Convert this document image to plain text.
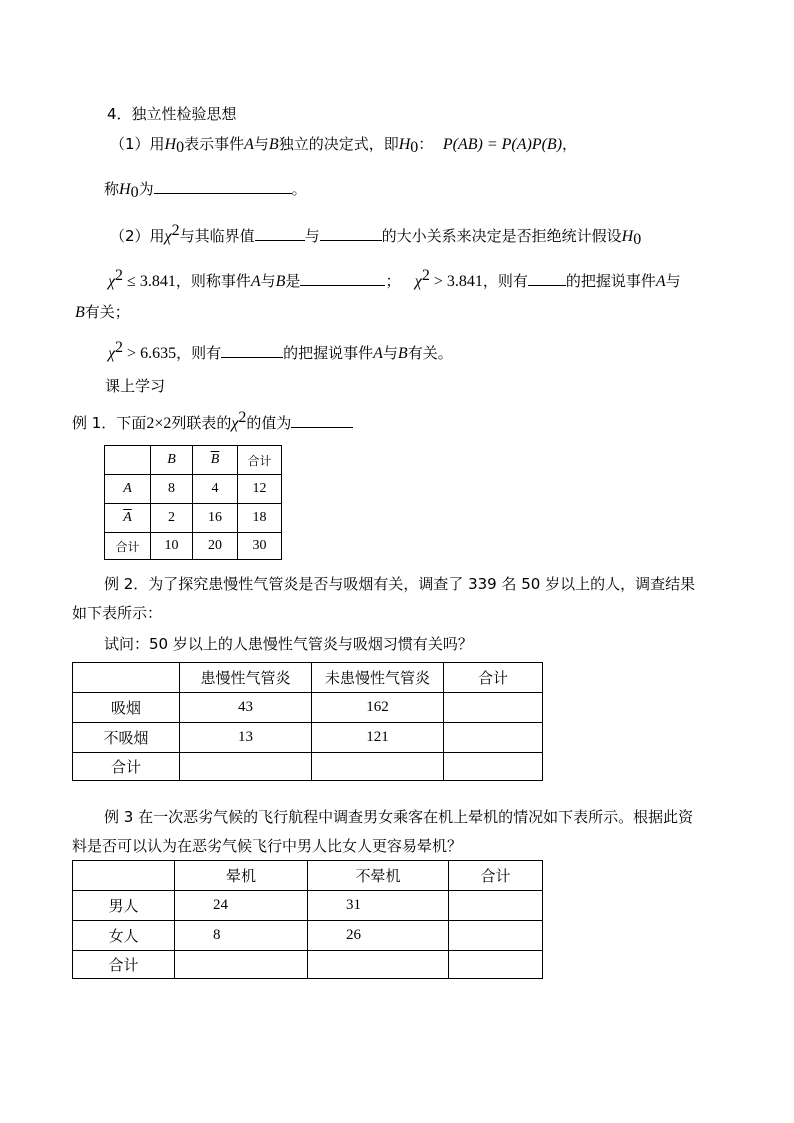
4．独立性检验思想
（1）用$H_0$表示事件A与B独立的决定式，即$H_0$： P(AB) = P(A)P(B)，
称$H_0$为	。
（2）用$\chi^2$与其临界值	与	的大小关系来决定是否拒绝统计假设$H_0$
$\chi^2 \le 3.841$，则称事件A与B是	； $\chi^2 > 3.841$，则有	的把握说事件A与
B有关；
$\chi^2 > 6.635$，则有	的把握说事件A与B有关。
课上学习
例 1．下面2×2列联表的$\chi^2$的值为
	B	$\overline{B}$	合计
A	8	4	12
$\overline{A}$	2	16	18
合计	10	20	30
例 2．为了探究患慢性气管炎是否与吸烟有关，调查了 339 名 50 岁以上的人，调查结果
如下表所示：
试问：50 岁以上的人患慢性气管炎与吸烟习惯有关吗？
	患慢性气管炎	未患慢性气管炎	合计
吸烟	43	162	
不吸烟	13	121	
合计			
例 3 在一次恶劣气候的飞行航程中调查男女乘客在机上晕机的情况如下表所示。根据此资
料是否可以认为在恶劣气候飞行中男人比女人更容易晕机？
	晕机	不晕机	合计
男人	24	31	
女人	8	26	
合计			
